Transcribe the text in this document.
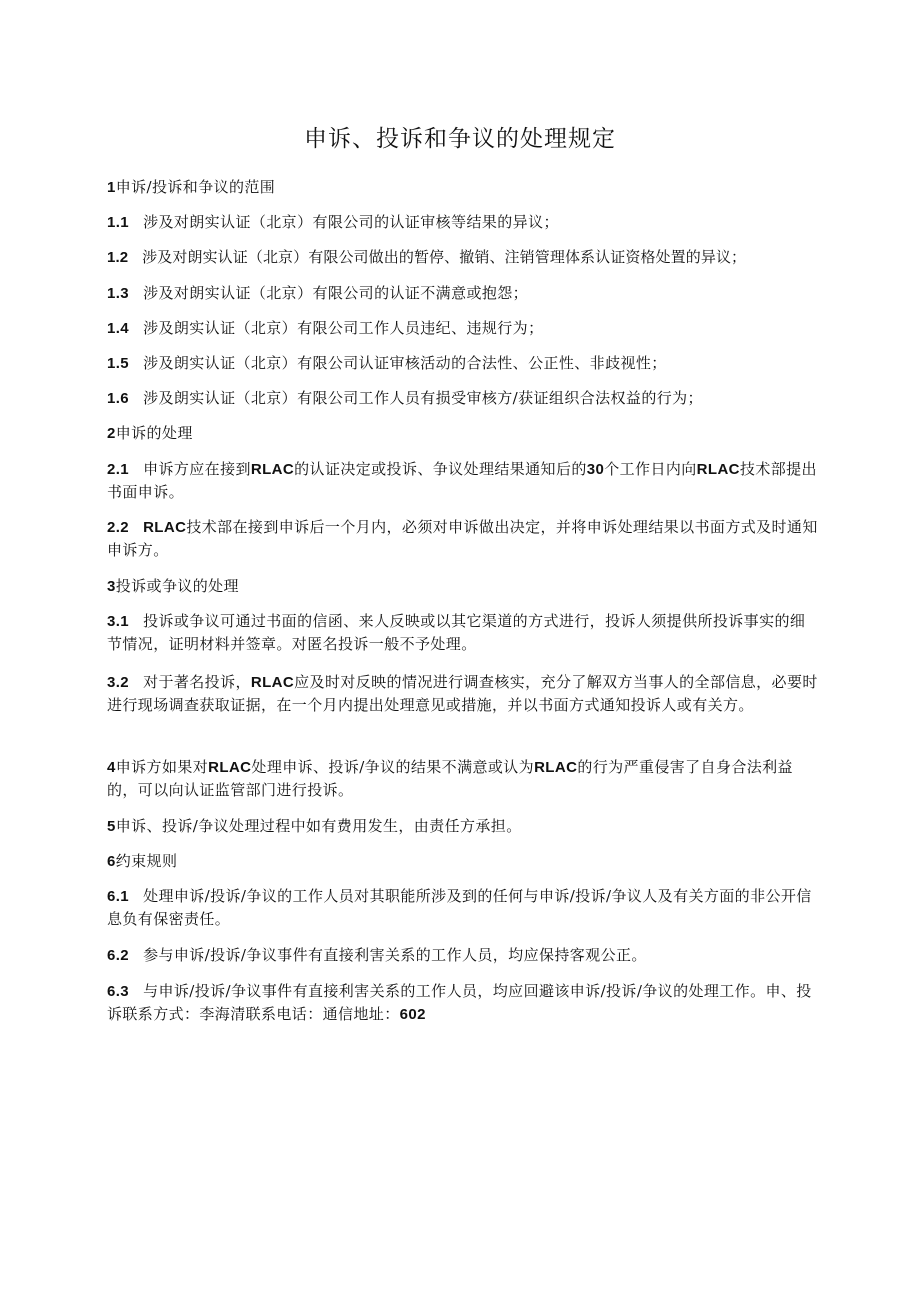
申诉、投诉和争议的处理规定
1申诉/投诉和争议的范围
1.1 涉及对朗实认证（北京）有限公司的认证审核等结果的异议；
1.2 涉及对朗实认证（北京）有限公司做出的暂停、撤销、注销管理体系认证资格处置的异议；
1.3 涉及对朗实认证（北京）有限公司的认证不满意或抱怨；
1.4 涉及朗实认证（北京）有限公司工作人员违纪、违规行为；
1.5 涉及朗实认证（北京）有限公司认证审核活动的合法性、公正性、非歧视性；
1.6 涉及朗实认证（北京）有限公司工作人员有损受审核方/获证组织合法权益的行为；
2申诉的处理
2.1 申诉方应在接到RLAC的认证决定或投诉、争议处理结果通知后的30个工作日内向RLAC技术部提出书面申诉。
2.2 RLAC技术部在接到申诉后一个月内，必须对申诉做出决定，并将申诉处理结果以书面方式及时通知申诉方。
3投诉或争议的处理
3.1 投诉或争议可通过书面的信函、来人反映或以其它渠道的方式进行，投诉人须提供所投诉事实的细节情况，证明材料并签章。对匿名投诉一般不予处理。
3.2 对于著名投诉，RLAC应及时对反映的情况进行调查核实，充分了解双方当事人的全部信息，必要时进行现场调查获取证据，在一个月内提出处理意见或措施，并以书面方式通知投诉人或有关方。
4申诉方如果对RLAC处理申诉、投诉/争议的结果不满意或认为RLAC的行为严重侵害了自身合法利益的，可以向认证监管部门进行投诉。
5申诉、投诉/争议处理过程中如有费用发生，由责任方承担。
6约束规则
6.1 处理申诉/投诉/争议的工作人员对其职能所涉及到的任何与申诉/投诉/争议人及有关方面的非公开信息负有保密责任。
6.2 参与申诉/投诉/争议事件有直接利害关系的工作人员，均应保持客观公正。
6.3 与申诉/投诉/争议事件有直接利害关系的工作人员，均应回避该申诉/投诉/争议的处理工作。申、投诉联系方式：李海清联系电话：通信地址：602
